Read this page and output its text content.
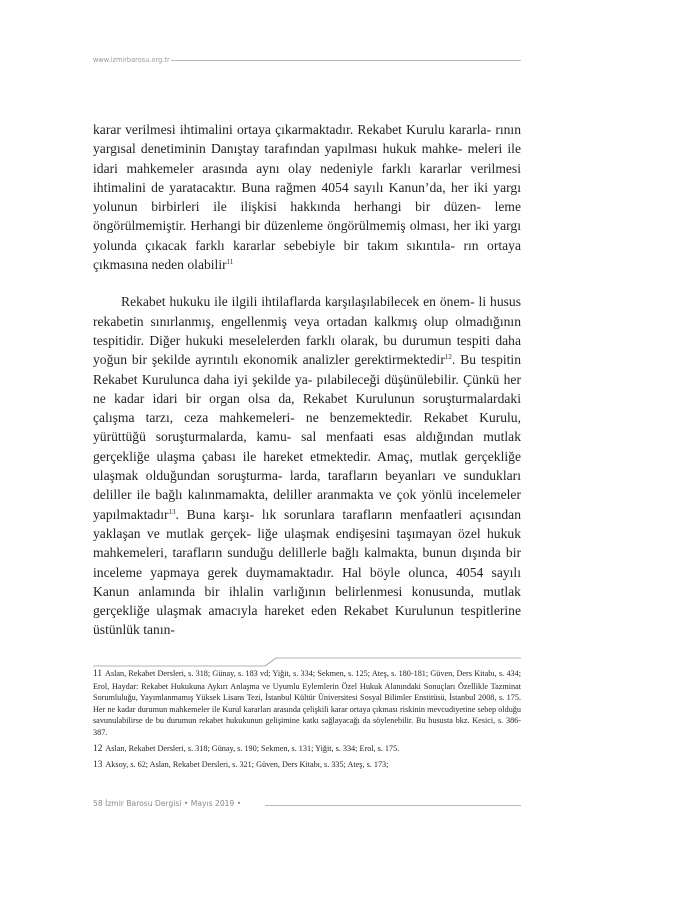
www.izmirbarosu.org.tr

karar verilmesi ihtimalini ortaya çıkarmaktadır. Rekabet Kurulu kararla- rının yargısal denetiminin Danıştay tarafından yapılması hukuk mahke- meleri ile idari mahkemeler arasında aynı olay nedeniyle farklı kararlar verilmesi ihtimalini de yaratacaktır. Buna rağmen 4054 sayılı Kanun’da, her iki yargı yolunun birbirleri ile ilişkisi hakkında herhangi bir düzen- leme öngörülmemiştir. Herhangi bir düzenleme öngörülmemiş olması, her iki yargı yolunda çıkacak farklı kararlar sebebiyle bir takım sıkıntıla- rın ortaya çıkmasına neden olabilir$^{11}$

Rekabet hukuku ile ilgili ihtilaflarda karşılaşılabilecek en önem- li husus rekabetin sınırlanmış, engellenmiş veya ortadan kalkmış olup olmadığının tespitidir. Diğer hukuki meselelerden farklı olarak, bu durumun tespiti daha yoğun bir şekilde ayrıntılı ekonomik analizler gerektirmektedir$^{12}$. Bu tespitin Rekabet Kurulunca daha iyi şekilde ya- pılabileceği düşünülebilir. Çünkü her ne kadar idari bir organ olsa da, Rekabet Kurulunun soruşturmalardaki çalışma tarzı, ceza mahkemeleri- ne benzemektedir. Rekabet Kurulu, yürüttüğü soruşturmalarda, kamu- sal menfaati esas aldığından mutlak gerçekliğe ulaşma çabası ile hareket etmektedir. Amaç, mutlak gerçekliğe ulaşmak olduğundan soruşturma- larda, tarafların beyanları ve sundukları deliller ile bağlı kalınmamakta, deliller aranmakta ve çok yönlü incelemeler yapılmaktadır$^{13}$. Buna karşı- lık sorunlara tarafların menfaatleri açısından yaklaşan ve mutlak gerçek- liğe ulaşmak endişesini taşımayan özel hukuk mahkemeleri, tarafların sunduğu delillerle bağlı kalmakta, bunun dışında bir inceleme yapmaya gerek duymamaktadır. Hal böyle olunca, 4054 sayılı Kanun anlamında bir ihlalin varlığının belirlenmesi konusunda, mutlak gerçekliğe ulaşmak amacıyla hareket eden Rekabet Kurulunun tespitlerine üstünlük tanın-

11 Aslan, Rekabet Dersleri, s. 318; Günay, s. 183 vd; Yiğit, s. 334; Sekmen, s. 125; Ateş, s. 180-181; Güven, Ders Kitabı, s. 434; Erol, Haydar: Rekabet Hukukuna Aykırı Anlaşma ve Uyumlu Eylemlerin Özel Hukuk Alanındaki Sonuçları Özellikle Tazminat Sorumluluğu, Yayımlanmamış Yüksek Lisans Tezi, İstanbul Kültür Üniversitesi Sosyal Bilimler Enstitüsü, İstanbul 2008, s. 175. Her ne kadar durumun mahkemeler ile Kurul kararları arasında çelişkili karar ortaya çıkması riskinin mevcudiyetine sebep olduğu savunulabilirse de bu durumun rekabet hukukunun gelişimine katkı sağlayacağı da söylenebilir. Bu hususta bkz. Kesici, s. 386- 387.

12 Aslan, Rekabet Dersleri, s. 318; Günay, s. 190; Sekmen, s. 131; Yiğit, s. 334; Erol, s. 175.

13 Aksoy, s. 62; Aslan, Rekabet Dersleri, s. 321; Güven, Ders Kitabı, s. 335; Ateş, s. 173;

58 İzmir Barosu Dergisi • Mayıs 2019 •
